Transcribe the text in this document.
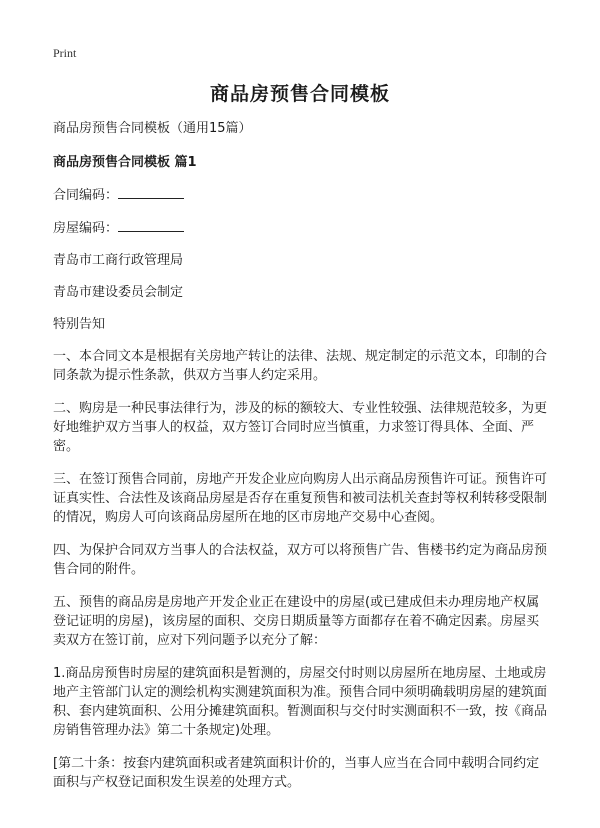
Print
商品房预售合同模板

商品房预售合同模板（通用15篇）

商品房预售合同模板 篇1

合同编码：

房屋编码：

青岛市工商行政管理局

青岛市建设委员会制定

特别告知

一、本合同文本是根据有关房地产转让的法律、法规、规定制定的示范文本，印制的合同条款为提示性条款，供双方当事人约定采用。

二、购房是一种民事法律行为，涉及的标的额较大、专业性较强、法律规范较多，为更好地维护双方当事人的权益，双方签订合同时应当慎重，力求签订得具体、全面、严密。

三、在签订预售合同前，房地产开发企业应向购房人出示商品房预售许可证。预售许可证真实性、合法性及该商品房屋是否存在重复预售和被司法机关查封等权利转移受限制的情况，购房人可向该商品房屋所在地的区市房地产交易中心查阅。

四、为保护合同双方当事人的合法权益，双方可以将预售广告、售楼书约定为商品房预售合同的附件。

五、预售的商品房是房地产开发企业正在建设中的房屋(或已建成但未办理房地产权属登记证明的房屋)，该房屋的面积、交房日期质量等方面都存在着不确定因素。房屋买卖双方在签订前，应对下列问题予以充分了解：

1.商品房预售时房屋的建筑面积是暂测的，房屋交付时则以房屋所在地房屋、土地或房地产主管部门认定的测绘机构实测建筑面积为准。预售合同中须明确载明房屋的建筑面积、套内建筑面积、公用分摊建筑面积。暂测面积与交付时实测面积不一致，按《商品房销售管理办法》第二十条规定)处理。

[第二十条：按套内建筑面积或者建筑面积计价的，当事人应当在合同中载明合同约定面积与产权登记面积发生误差的处理方式。
